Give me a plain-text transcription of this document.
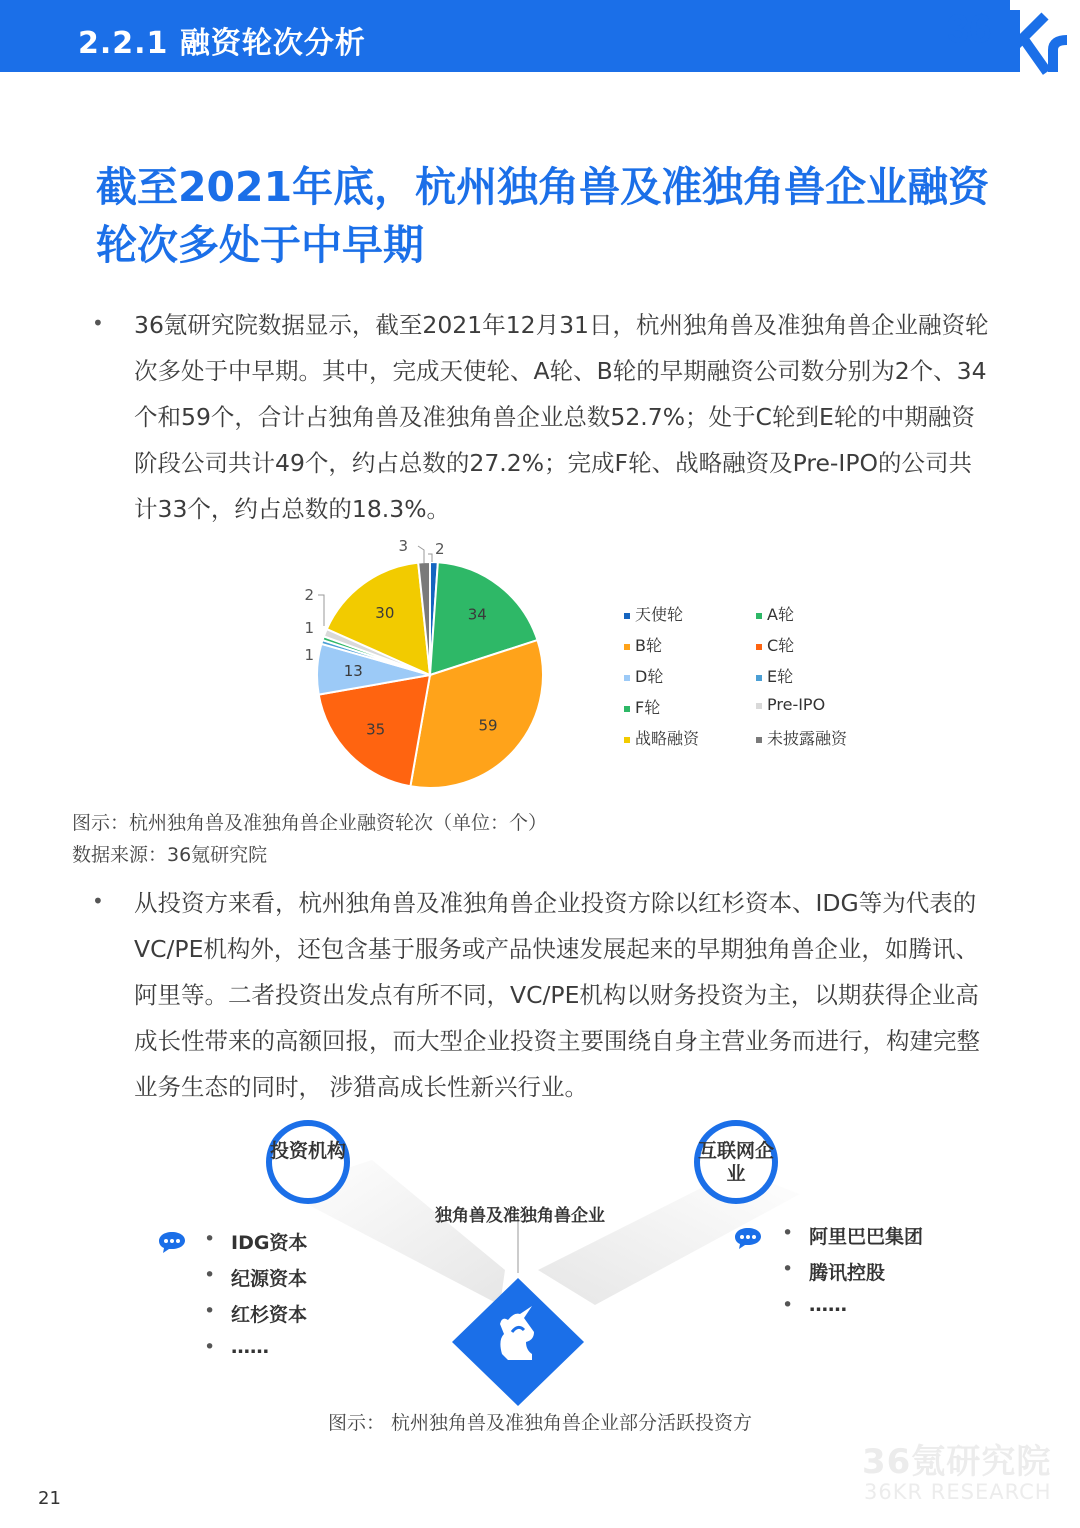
2.2.1 融资轮次分析	36
截至2021年底，杭州独角兽及准独角兽企业融资轮次多处于中早期
• 36氪研究院数据显示，截至2021年12月31日，杭州独角兽及准独角兽企业融资轮次多处于中早期。其中，完成天使轮、A轮、B轮的早期融资公司数分别为2个、34个和59个，合计占独角兽及准独角兽企业总数52.7%；处于C轮到E轮的中期融资阶段公司共计49个，约占总数的27.2%；完成F轮、战略融资及Pre-IPO的公司共计33个，约占总数的18.3%。

2
34
59
35
13
1
1
2
30
3
天使轮	A轮
B轮	C轮
D轮	E轮
F轮	Pre-IPO
战略融资	未披露融资
图示：杭州独角兽及准独角兽企业融资轮次（单位：个）
数据来源：36氪研究院
• 从投资方来看，杭州独角兽及准独角兽企业投资方除以红杉资本、IDG等为代表的VC/PE机构外，还包含基于服务或产品快速发展起来的早期独角兽企业，如腾讯、阿里等。二者投资出发点有所不同，VC/PE机构以财务投资为主，以期获得企业高成长性带来的高额回报，而大型企业投资主要围绕自身主营业务而进行，构建完整业务生态的同时， 涉猎高成长性新兴行业。

投资机构	互联网企业
独角兽及准独角兽企业
• IDG资本
• 纪源资本
• 红杉资本
• ……
• 阿里巴巴集团
• 腾讯控股
• ……
图示： 杭州独角兽及准独角兽企业部分活跃投资方
36氪研究院
36KR RESEARCH
21
